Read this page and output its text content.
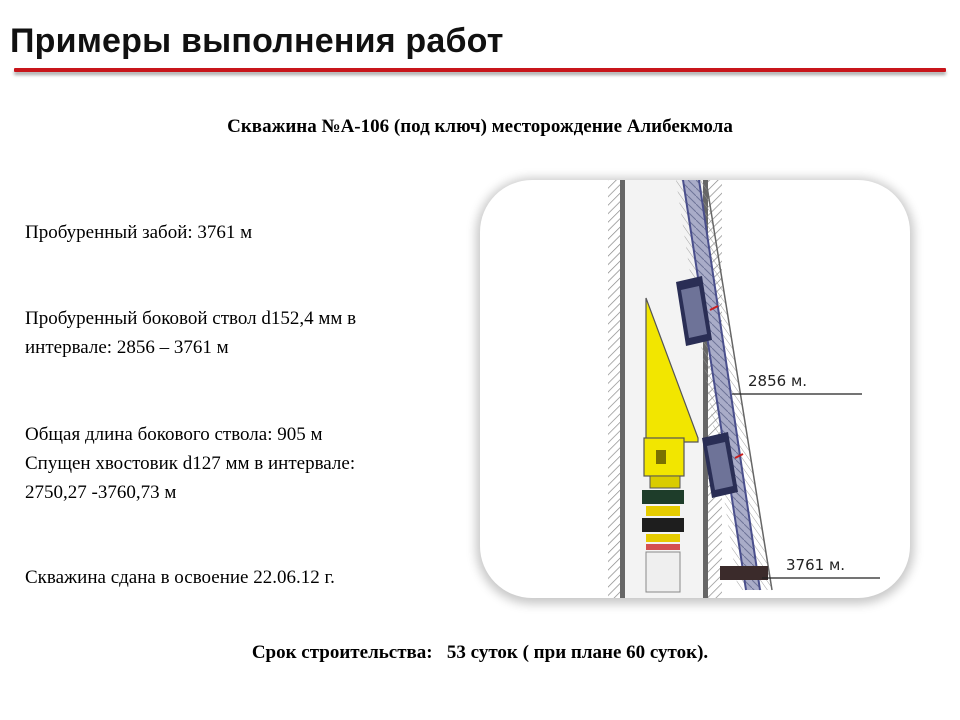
Примеры выполнения работ
Скважина №А-106 (под ключ) месторождение Алибекмола
Пробуренный забой: 3761 м
Пробуренный боковой ствол d152,4 мм в
интервале: 2856 – 3761 м
Общая длина бокового ствола: 905 м
Спущен хвостовик d127 мм в интервале:
2750,27 -3760,73 м
Скважина сдана в освоение 22.06.12 г.
Срок строительства: 53 суток ( при плане 60 суток).
2856 м.
3761 м.
